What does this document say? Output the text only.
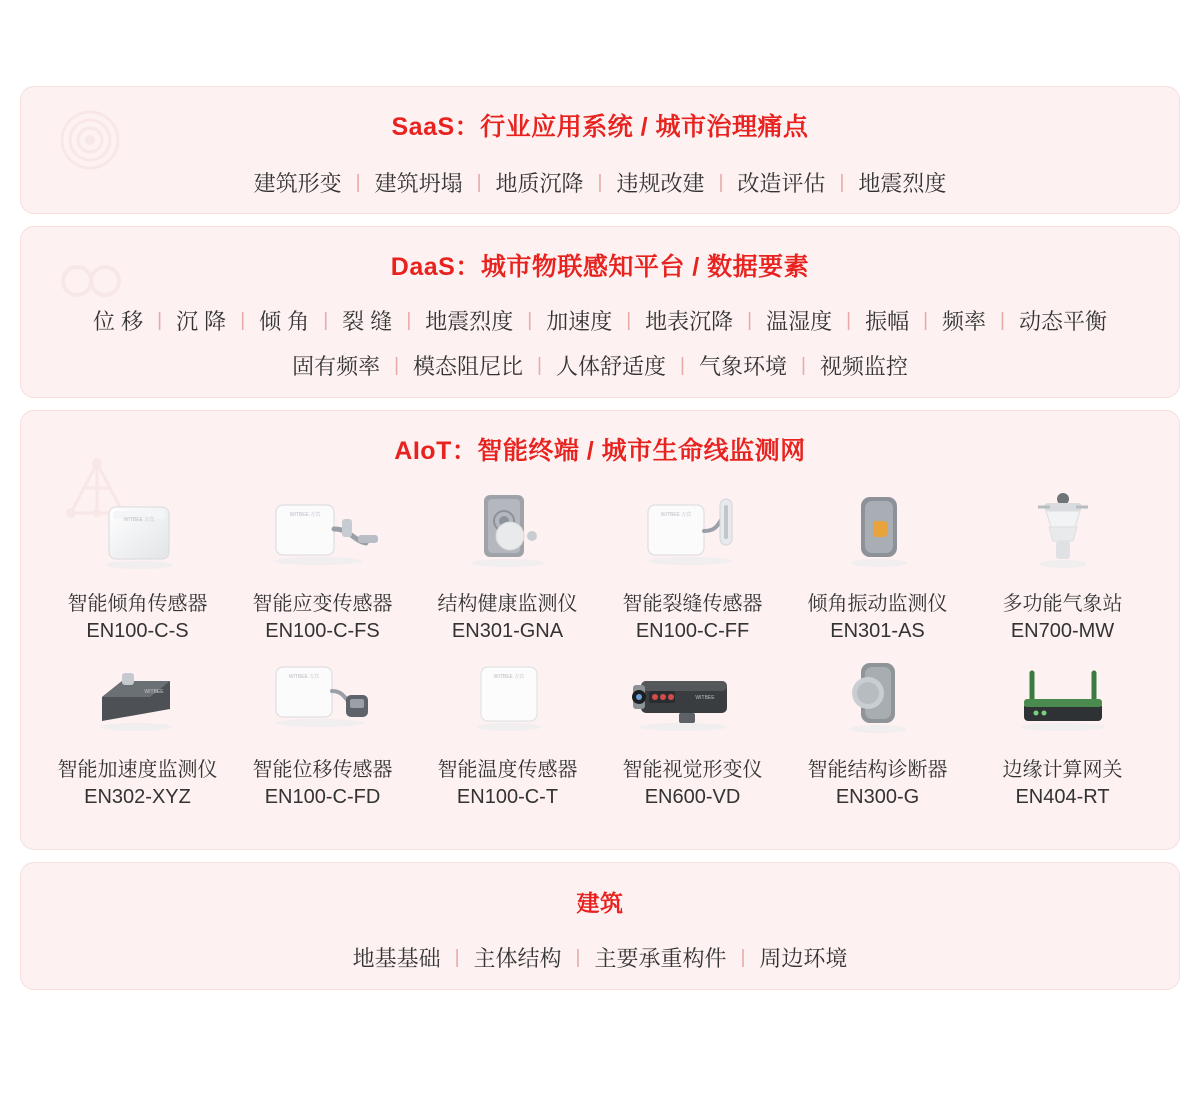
SaaS：行业应用系统 / 城市治理痛点
建筑形变 | 建筑坍塌 | 地质沉降 | 违规改建 | 改造评估 | 地震烈度
DaaS：城市物联感知平台 / 数据要素
位 移 | 沉 降 | 倾 角 | 裂 缝 | 地震烈度 | 加速度 | 地表沉降 | 温湿度 | 振幅 | 频率 | 动态平衡
固有频率 | 模态阻尼比 | 人体舒适度 | 气象环境 | 视频监控
AIoT：智能终端 / 城市生命线监测网
WITBEE 万宾
智能倾角传感器
EN100-C-S
WITBEE 万宾
智能应变传感器
EN100-C-FS
结构健康监测仪
EN301-GNA
WITBEE 万宾
智能裂缝传感器
EN100-C-FF
倾角振动监测仪
EN301-AS
多功能气象站
EN700-MW
WITBEE
智能加速度监测仪
EN302-XYZ
WITBEE 万宾
智能位移传感器
EN100-C-FD
WITBEE 万宾
智能温度传感器
EN100-C-T
WITBEE
智能视觉形变仪
EN600-VD
智能结构诊断器
EN300-G
边缘计算网关
EN404-RT
建筑
地基基础 | 主体结构 | 主要承重构件 | 周边环境
